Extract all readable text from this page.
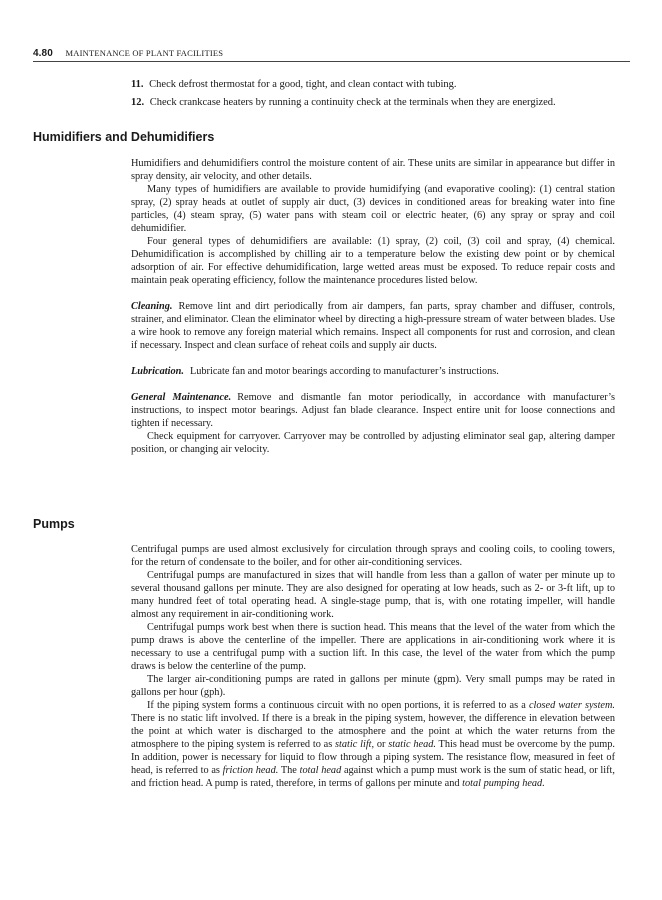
4.80 MAINTENANCE OF PLANT FACILITIES
11. Check defrost thermostat for a good, tight, and clean contact with tubing.
12. Check crankcase heaters by running a continuity check at the terminals when they are energized.
Humidifiers and Dehumidifiers

Humidifiers and dehumidifiers control the moisture content of air. These units are similar in appearance but differ in spray density, air velocity, and other details.

Many types of humidifiers are available to provide humidifying (and evaporative cooling): (1) central station spray, (2) spray heads at outlet of supply air duct, (3) devices in conditioned areas for breaking water into fine particles, (4) steam spray, (5) water pans with steam coil or electric heater, (6) any spray or spray and coil dehumidifier.

Four general types of dehumidifiers are available: (1) spray, (2) coil, (3) coil and spray, (4) chemical. Dehumidification is accomplished by chilling air to a temperature below the existing dew point or by chemical adsorption of air. For effective dehumidification, large wetted areas must be exposed. To reduce repair costs and maintain peak operating efficiency, follow the maintenance procedures listed below.

Cleaning. Remove lint and dirt periodically from air dampers, fan parts, spray chamber and diffuser, controls, strainer, and eliminator. Clean the eliminator wheel by directing a high-pressure stream of water between blades. Use a wire hook to remove any foreign material which remains. Inspect all components for rust and corrosion, and clean if necessary. Inspect and clean surface of reheat coils and supply air ducts.

Lubrication. Lubricate fan and motor bearings according to manufacturer’s instructions.

General Maintenance. Remove and dismantle fan motor periodically, in accordance with manufacturer’s instructions, to inspect motor bearings. Adjust fan blade clearance. Inspect entire unit for loose connections and tighten if necessary.

Check equipment for carryover. Carryover may be controlled by adjusting eliminator seal gap, altering damper position, or changing air velocity.

Pumps

Centrifugal pumps are used almost exclusively for circulation through sprays and cooling coils, to cooling towers, for the return of condensate to the boiler, and for other air-conditioning services.

Centrifugal pumps are manufactured in sizes that will handle from less than a gallon of water per minute up to several thousand gallons per minute. They are also designed for operating at low heads, such as 2- or 3-ft lift, up to many hundred feet of total operating head. A single-stage pump, that is, with one rotating impeller, will handle almost any requirement in air-conditioning work.

Centrifugal pumps work best when there is suction head. This means that the level of the water from which the pump draws is above the centerline of the impeller. There are applications in air-conditioning work where it is necessary to use a centrifugal pump with a suction lift. In this case, the level of the water from which the pump draws is below the centerline of the pump.

The larger air-conditioning pumps are rated in gallons per minute (gpm). Very small pumps may be rated in gallons per hour (gph).

If the piping system forms a continuous circuit with no open portions, it is referred to as a closed water system. There is no static lift involved. If there is a break in the piping system, however, the difference in elevation between the point at which water is discharged to the atmosphere and the point at which the water returns from the atmosphere to the piping system is referred to as static lift, or static head. This head must be overcome by the pump. In addition, power is necessary for liquid to flow through a piping system. The resistance flow, measured in feet of head, is referred to as friction head. The total head against which a pump must work is the sum of static head, or lift, and friction head. A pump is rated, therefore, in terms of gallons per minute and total pumping head.
